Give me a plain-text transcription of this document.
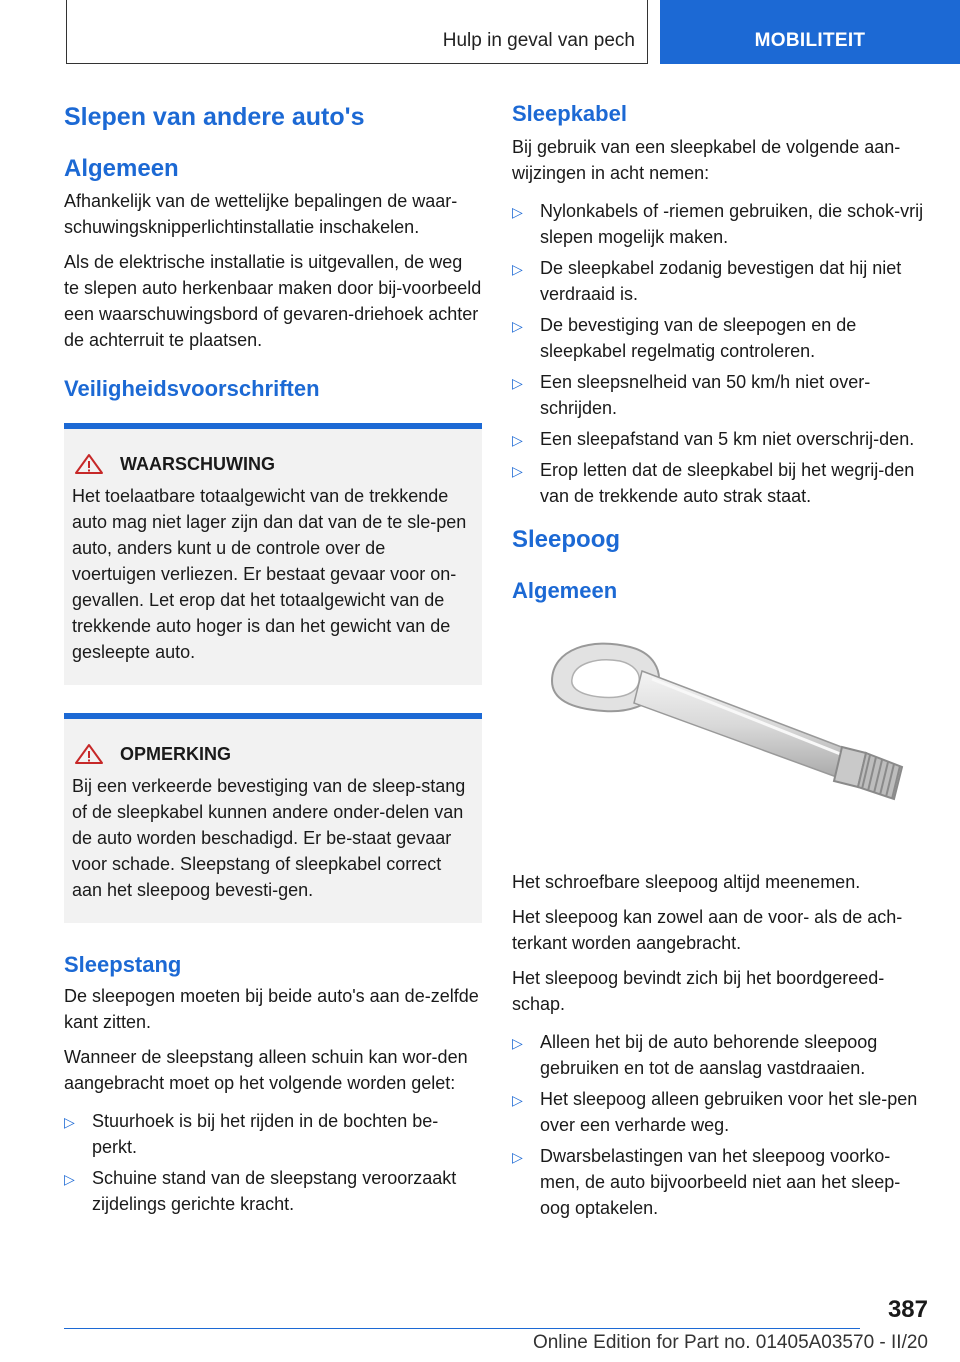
Hulp in geval van pech	MOBILITEIT
Slepen van andere auto's
Algemeen

Afhankelijk van de wettelijke bepalingen de waar-schuwingsknipperlichtinstallatie inschakelen.

Als de elektrische installatie is uitgevallen, de weg te slepen auto herkenbaar maken door bij-voorbeeld een waarschuwingsbord of gevaren-driehoek achter de achterruit te plaatsen.

Veiligheidsvoorschriften
WAARSCHUWING

Het toelaatbare totaalgewicht van de trekkende auto mag niet lager zijn dan dat van de te sle-pen auto, anders kunt u de controle over de voertuigen verliezen. Er bestaat gevaar voor on-gevallen. Let erop dat het totaalgewicht van de trekkende auto hoger is dan het gewicht van de gesleepte auto.

OPMERKING

Bij een verkeerde bevestiging van de sleep-stang of de sleepkabel kunnen andere onder-delen van de auto worden beschadigd. Er be-staat gevaar voor schade. Sleepstang of sleepkabel correct aan het sleepoog bevesti-gen.

Sleepstang

De sleepogen moeten bij beide auto's aan de-zelfde kant zitten.

Wanneer de sleepstang alleen schuin kan wor-den aangebracht moet op het volgende worden gelet:

▷ Stuurhoek is bij het rijden in de bochten be-perkt.
▷ Schuine stand van de sleepstang veroorzaakt zijdelings gerichte kracht.
Sleepkabel

Bij gebruik van een sleepkabel de volgende aan-wijzingen in acht nemen:

▷ Nylonkabels of -riemen gebruiken, die schok-vrij slepen mogelijk maken.
▷ De sleepkabel zodanig bevestigen dat hij niet verdraaid is.
▷ De bevestiging van de sleepogen en de sleepkabel regelmatig controleren.
▷ Een sleepsnelheid van 50 km/h niet over-schrijden.
▷ Een sleepafstand van 5 km niet overschrij-den.
▷ Erop letten dat de sleepkabel bij het wegrij-den van de trekkende auto strak staat.
Sleepoog
Algemeen

Het schroefbare sleepoog altijd meenemen.

Het sleepoog kan zowel aan de voor- als de ach-terkant worden aangebracht.

Het sleepoog bevindt zich bij het boordgereed-schap.

▷ Alleen het bij de auto behorende sleepoog gebruiken en tot de aanslag vastdraaien.
▷ Het sleepoog alleen gebruiken voor het sle-pen over een verharde weg.
▷ Dwarsbelastingen van het sleepoog voorko-men, de auto bijvoorbeeld niet aan het sleep-oog optakelen.
387
Online Edition for Part no. 01405A03570 - II/20
